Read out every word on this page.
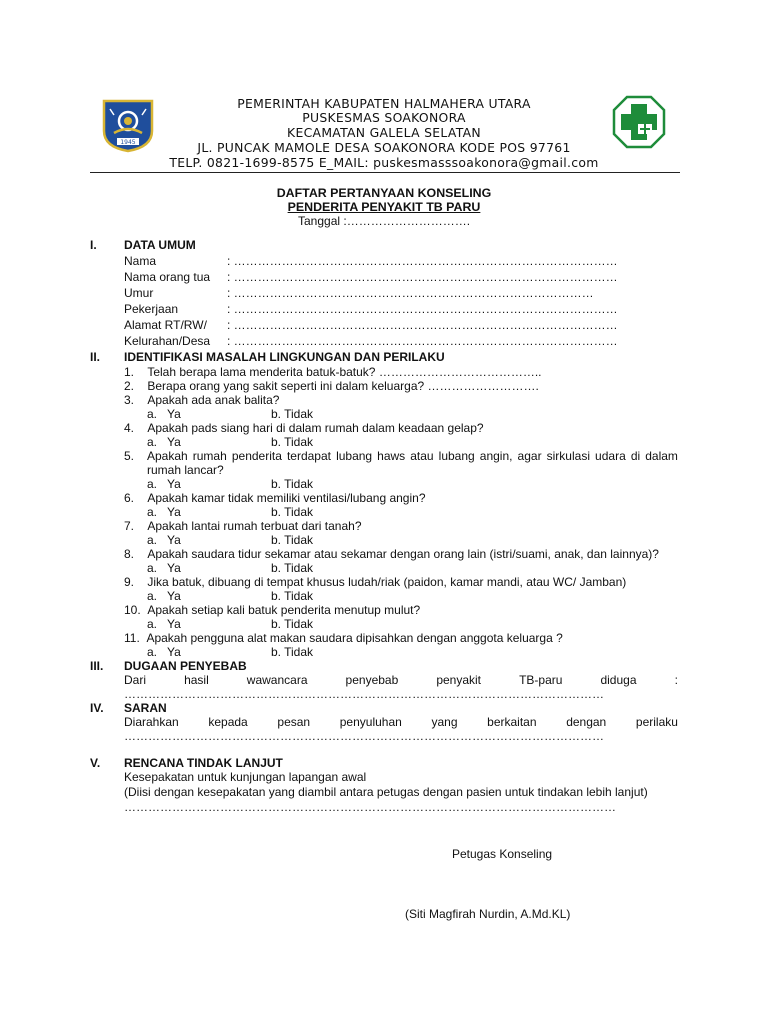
1945
PEMERINTAH KABUPATEN HALMAHERA UTARA
PUSKESMAS SOAKONORA
KECAMATAN GALELA SELATAN
JL. PUNCAK MAMOLE DESA SOAKONORA KODE POS 97761
TELP. 0821-1699-8575 E_MAIL: puskesmasssoakonora@gmail.com
DAFTAR PERTANYAAN KONSELING
PENDERITA PENYAKIT TB PARU
Tanggal :………………………….
I. DATA UMUM
Nama	: ……………………………………………………………………………………
Nama orang tua : ……………………………………………………………………………………
Umur	: ………………………………………………………………………………
Pekerjaan	: ……………………………………………………………………………………
Alamat RT/RW/ : ……………………………………………………………………………………
Kelurahan/Desa : ……………………………………………………………………………………
II. IDENTIFIKASI MASALAH LINGKUNGAN DAN PERILAKU
1.    Telah berapa lama menderita batuk-batuk? …………………………………..
2.    Berapa orang yang sakit seperti ini dalam keluarga? ……………………….
3.    Apakah ada anak balita?
a.   Ya	b. Tidak
4.    Apakah pads siang hari di dalam rumah dalam keadaan gelap?
a.   Ya	b. Tidak
5. Apakah rumah penderita terdapat lubang haws atau lubang angin, agar sirkulasi udara di dalam
rumah lancar?
a.   Ya	b. Tidak
6.    Apakah kamar tidak memiliki ventilasi/lubang angin?
a.   Ya	b. Tidak
7.    Apakah lantai rumah terbuat dari tanah?
a.   Ya	b. Tidak
8.    Apakah saudara tidur sekamar atau sekamar dengan orang lain (istri/suami, anak, dan lainnya)?
a.   Ya	b. Tidak
9.    Jika batuk, dibuang di tempat khusus ludah/riak (paidon, kamar mandi, atau WC/ Jamban)
a.   Ya	b. Tidak
10.  Apakah setiap kali batuk penderita menutup mulut?
a.   Ya	b. Tidak
11.  Apakah pengguna alat makan saudara dipisahkan dengan anggota keluarga ?
a.   Ya	b. Tidak
III. DUGAAN PENYEBAB
Dari	hasil	wawancara	penyebab	penyakit	TB-paru	diduga	:
…………………………………………………………………………………………………………
IV. SARAN
Diarahkan kepada pesan penyuluhan yang berkaitan dengan perilaku
…………………………………………………………………………………………………………
V. RENCANA TINDAK LANJUT
Kesepakatan untuk kunjungan lapangan awal
(Diisi dengan kesepakatan yang diambil antara petugas dengan pasien untuk tindakan lebih lanjut)
……………………………………………………………………………………………………………
Petugas Konseling
(Siti Magfirah Nurdin, A.Md.KL)
